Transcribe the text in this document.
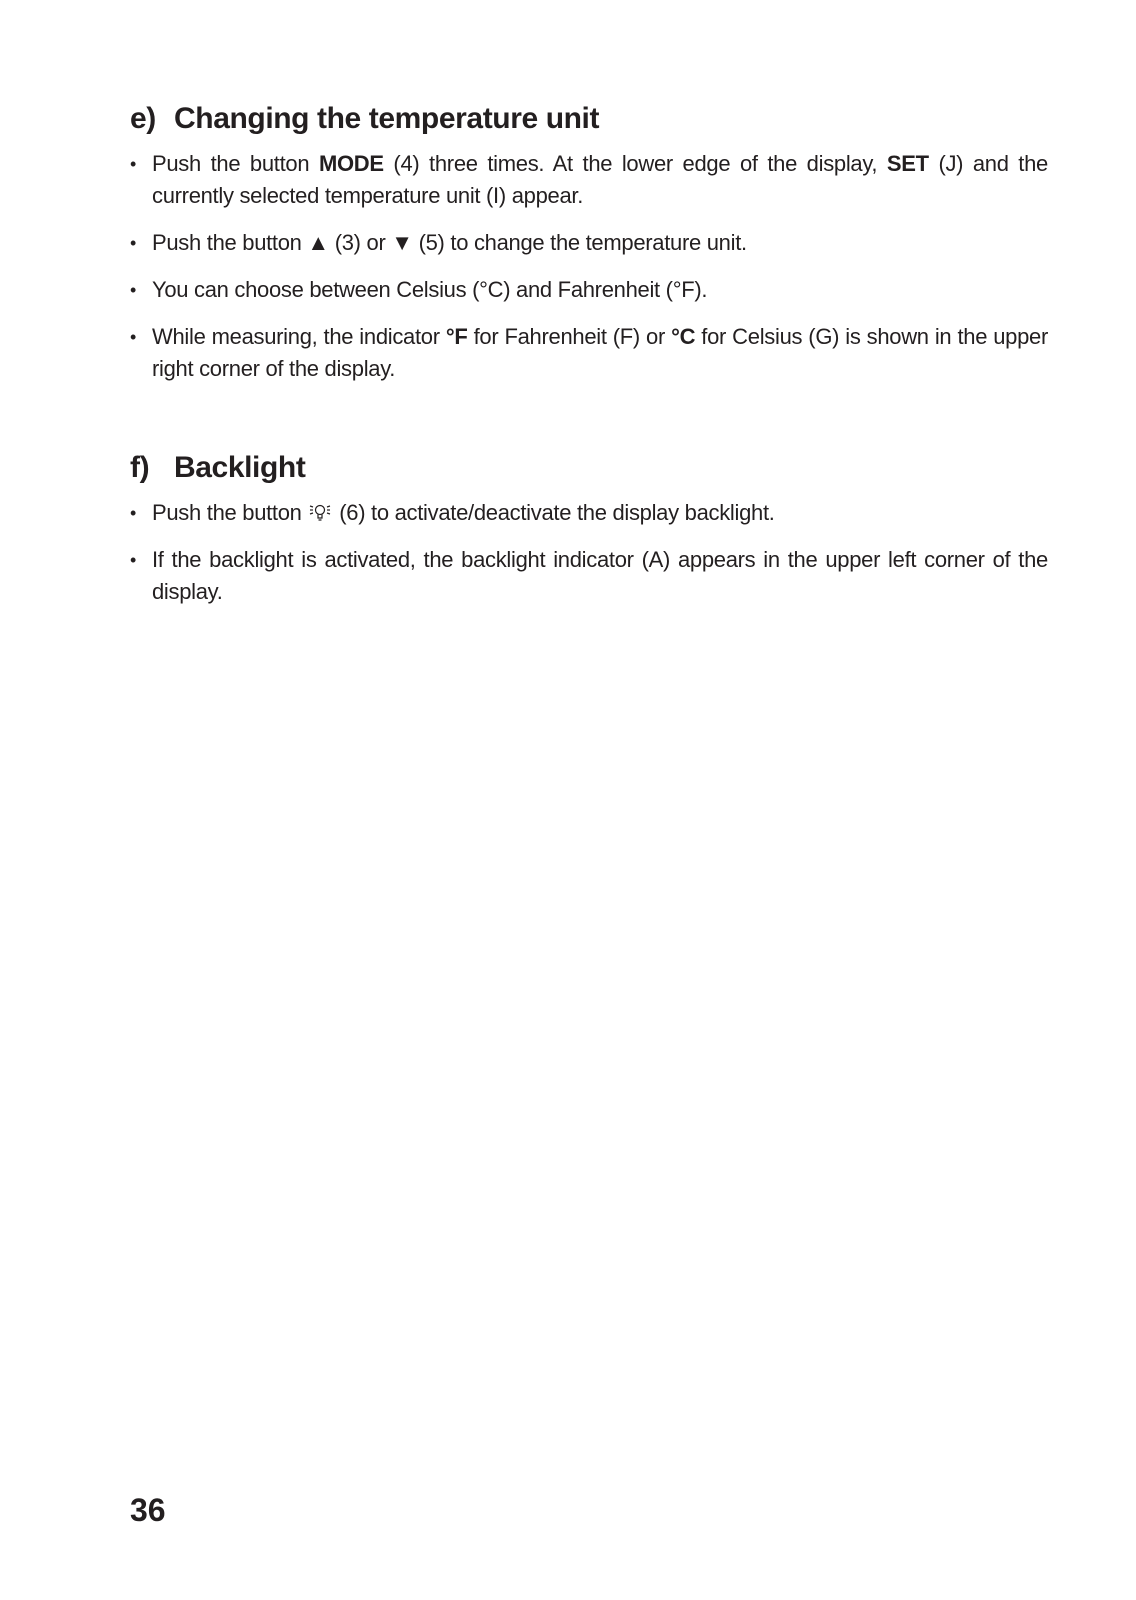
e) Changing the temperature unit
• Push the button MODE (4) three times. At the lower edge of the display, SET (J) and the currently selected temperature unit (I) appear.
• Push the button ▲ (3) or ▼ (5) to change the temperature unit.
• You can choose between Celsius (°C) and Fahrenheit (°F).
• While measuring, the indicator °F for Fahrenheit (F) or °C for Celsius (G) is shown in the upper right corner of the display.
f) Backlight
• Push the button  (6) to activate/deactivate the display backlight.
• If the backlight is activated, the backlight indicator (A) appears in the upper left corner of the display.
36
